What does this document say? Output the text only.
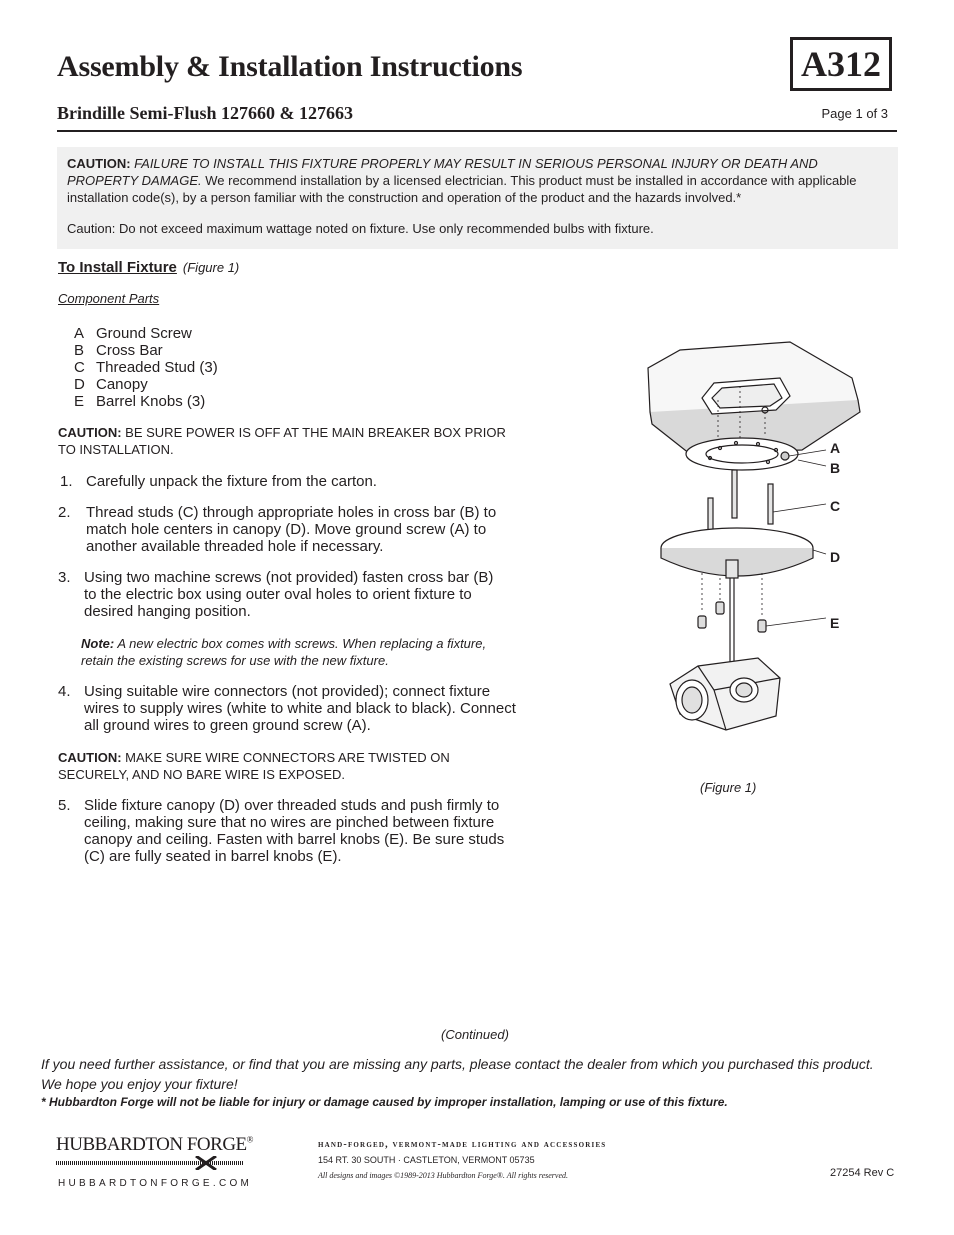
Assembly & Installation Instructions	A312
Brindille Semi-Flush 127660 & 127663	Page 1 of 3

CAUTION: FAILURE TO INSTALL THIS FIXTURE PROPERLY MAY RESULT IN SERIOUS PERSONAL INJURY OR DEATH AND PROPERTY DAMAGE. We recommend installation by a licensed electrician. This product must be installed in accordance with applicable installation code(s), by a person familiar with the construction and operation of the product and the hazards involved.*

Caution: Do not exceed maximum wattage noted on fixture. Use only recommended bulbs with fixture.

To Install Fixture (Figure 1)
Component Parts
A Ground Screw
B Cross Bar
C Threaded Stud (3)
D Canopy
E Barrel Knobs (3)
CAUTION: BE SURE POWER IS OFF AT THE MAIN BREAKER BOX PRIOR TO INSTALLATION.
1. Carefully unpack the fixture from the carton.
2. Thread studs (C) through appropriate holes in cross bar (B) to match hole centers in canopy (D). Move ground screw (A) to another available threaded hole if necessary.
3. Using two machine screws (not provided) fasten cross bar (B) to the electric box using outer oval holes to orient fixture to desired hanging position.
Note: A new electric box comes with screws. When replacing a fixture, retain the existing screws for use with the new fixture.
4. Using suitable wire connectors (not provided); connect fixture wires to supply wires (white to white and black to black). Connect all ground wires to green ground screw (A).
CAUTION: MAKE SURE WIRE CONNECTORS ARE TWISTED ON SECURELY, AND NO BARE WIRE IS EXPOSED.
5. Slide fixture canopy (D) over threaded studs and push firmly to ceiling, making sure that no wires are pinched between fixture canopy and ceiling. Fasten with barrel knobs (E). Be sure studs (C) are fully seated in barrel knobs (E).
A
B
C
D
E
(Figure 1)
(Continued)

If you need further assistance, or find that you are missing any parts, please contact the dealer from which you purchased this product.

We hope you enjoy your fixture!

* Hubbardton Forge will not be liable for injury or damage caused by improper installation, lamping or use of this fixture.
HUBBARDTON FORGE®
HUBBARDTONFORGE.COM
hand-forged, vermont-made lighting and accessories
154 RT. 30 SOUTH · CASTLETON, VERMONT 05735
All designs and images ©1989-2013 Hubbardton Forge®. All rights reserved.	27254 Rev C
